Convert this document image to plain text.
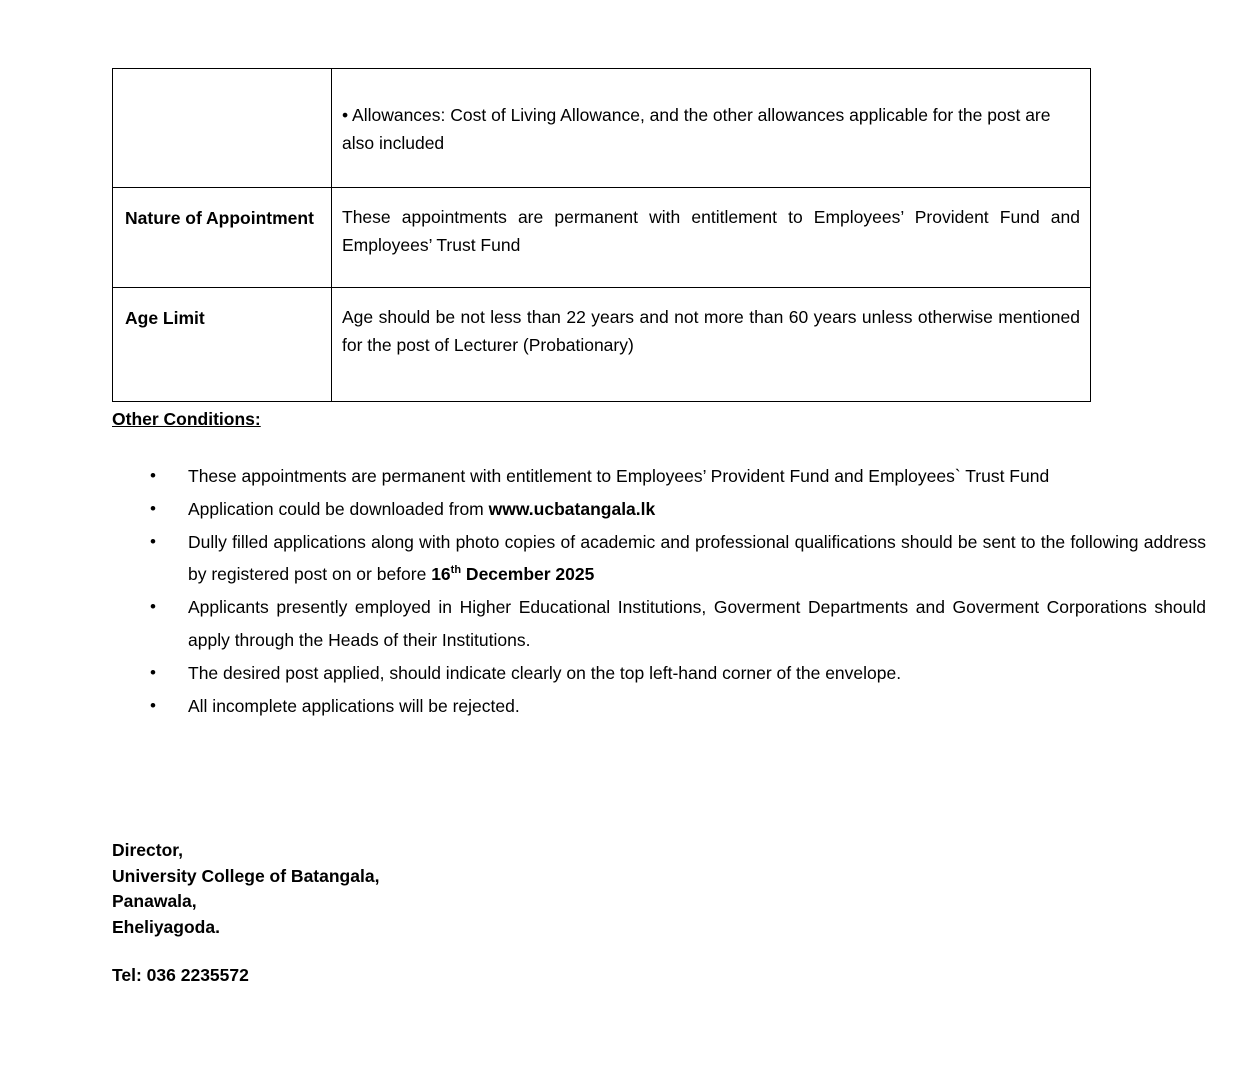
	• Allowances: Cost of Living Allowance, and the other allowances applicable for the post are also included

Nature of Appointment	These appointments are permanent with entitlement to Employees’ Provident Fund and Employees’ Trust Fund

Age Limit	Age should be not less than 22 years and not more than 60 years unless otherwise mentioned for the post of Lecturer (Probationary)
Other Conditions:
• These appointments are permanent with entitlement to Employees’ Provident Fund and Employees` Trust Fund
• Application could be downloaded from www.ucbatangala.lk
• Dully filled applications along with photo copies of academic and professional qualifications should be sent to the following address by registered post on or before 16th December 2025
• Applicants presently employed in Higher Educational Institutions, Goverment Departments and Goverment Corporations should apply through the Heads of their Institutions.
• The desired post applied, should indicate clearly on the top left-hand corner of the envelope.
• All incomplete applications will be rejected.
Director,
University College of Batangala,
Panawala,
Eheliyagoda.
Tel: 036 2235572
